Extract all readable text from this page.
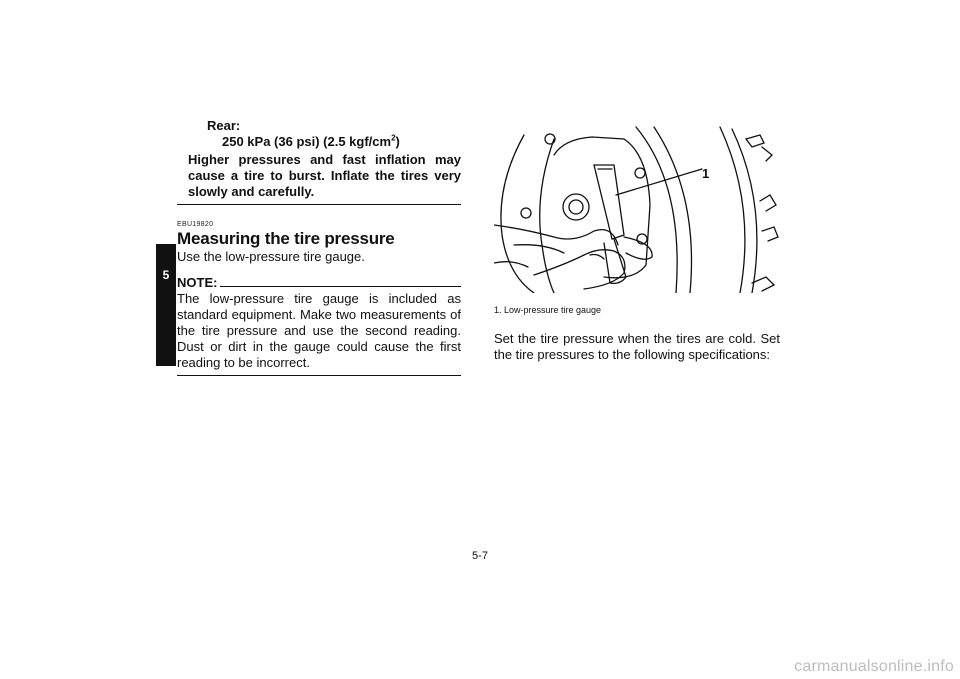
5
Rear:
250 kPa (36 psi) (2.5 kgf/$cm^2$)
Higher pressures and fast inflation may cause a tire to burst. Inflate the tires very slowly and carefully.
EBU19820
Measuring the tire pressure
Use the low-pressure tire gauge.
NOTE:
The low-pressure tire gauge is included as standard equipment. Make two measurements of the tire pressure and use the second reading. Dust or dirt in the gauge could cause the first reading to be incorrect.
1
1. Low-pressure tire gauge
Set the tire pressure when the tires are cold. Set the tire pressures to the following specifications:
5-7
carmanualsonline.info
